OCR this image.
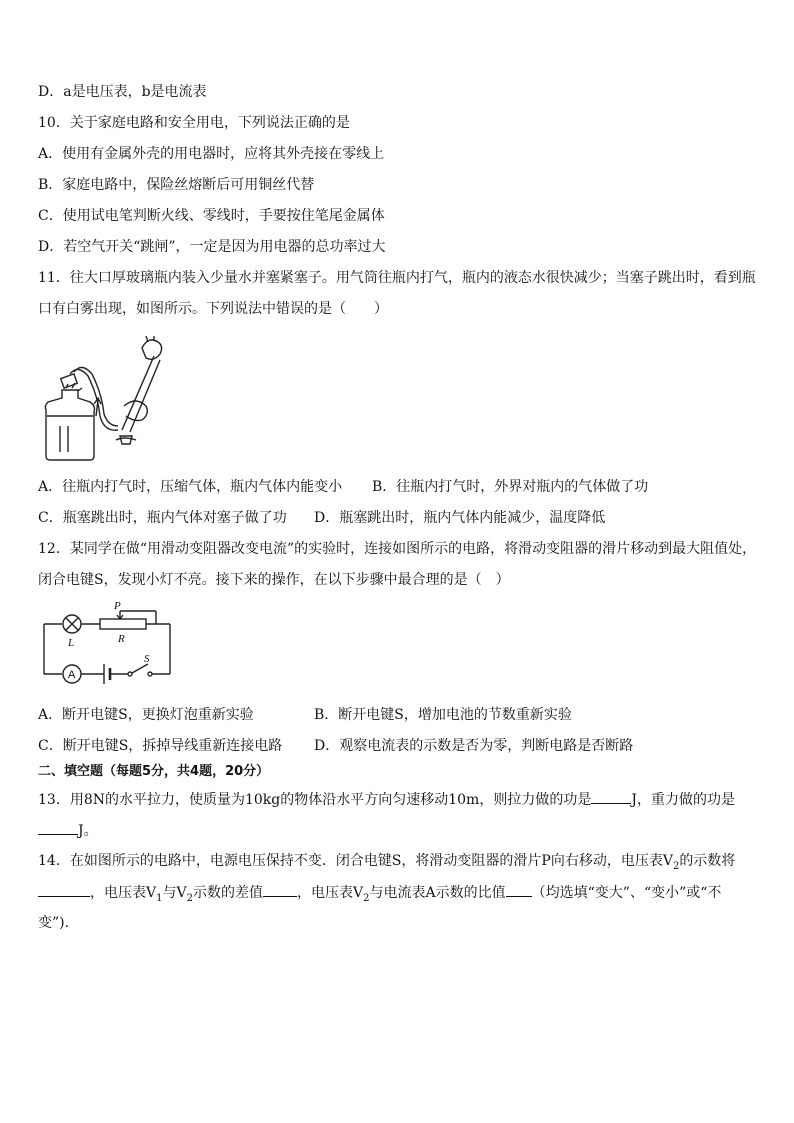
D．a是电压表，b是电流表
10．关于家庭电路和安全用电，下列说法正确的是
A．使用有金属外壳的用电器时，应将其外壳接在零线上
B．家庭电路中，保险丝熔断后可用铜丝代替
C．使用试电笔判断火线、零线时，手要按住笔尾金属体
D．若空气开关“跳闸”，一定是因为用电器的总功率过大
11．往大口厚玻璃瓶内装入少量水并塞紧塞子。用气筒往瓶内打气，瓶内的液态水很快减少；当塞子跳出时，看到瓶
口有白雾出现，如图所示。下列说法中错误的是（　　）
A．往瓶内打气时，压缩气体，瓶内气体内能变小 B．往瓶内打气时，外界对瓶内的气体做了功
C．瓶塞跳出时，瓶内气体对塞子做了功 D．瓶塞跳出时，瓶内气体内能减少，温度降低
12．某同学在做“用滑动变阻器改变电流”的实验时，连接如图所示的电路，将滑动变阻器的滑片移动到最大阻值处，
闭合电键S，发现小灯不亮。接下来的操作，在以下步骤中最合理的是（　）
L
P
R
S
A
A．断开电键S，更换灯泡重新实验	B．断开电键S，增加电池的节数重新实验
C．断开电键S，拆掉导线重新连接电路 D．观察电流表的示数是否为零，判断电路是否断路
二、填空题（每题5分，共4题，20分）
13．用8N的水平拉力，使质量为10kg的物体沿水平方向匀速移动10m，则拉力做的功是	J，重力做的功是
J。
14．在如图所示的电路中，电源电压保持不变．闭合电键S，将滑动变阻器的滑片P向右移动，电压表$V_2$的示数将
，电压表$V_1$与$V_2$示数的差值 ，电压表$V_2$与电流表A示数的比值 （均选填“变大”、“变小”或“不
变”)．
